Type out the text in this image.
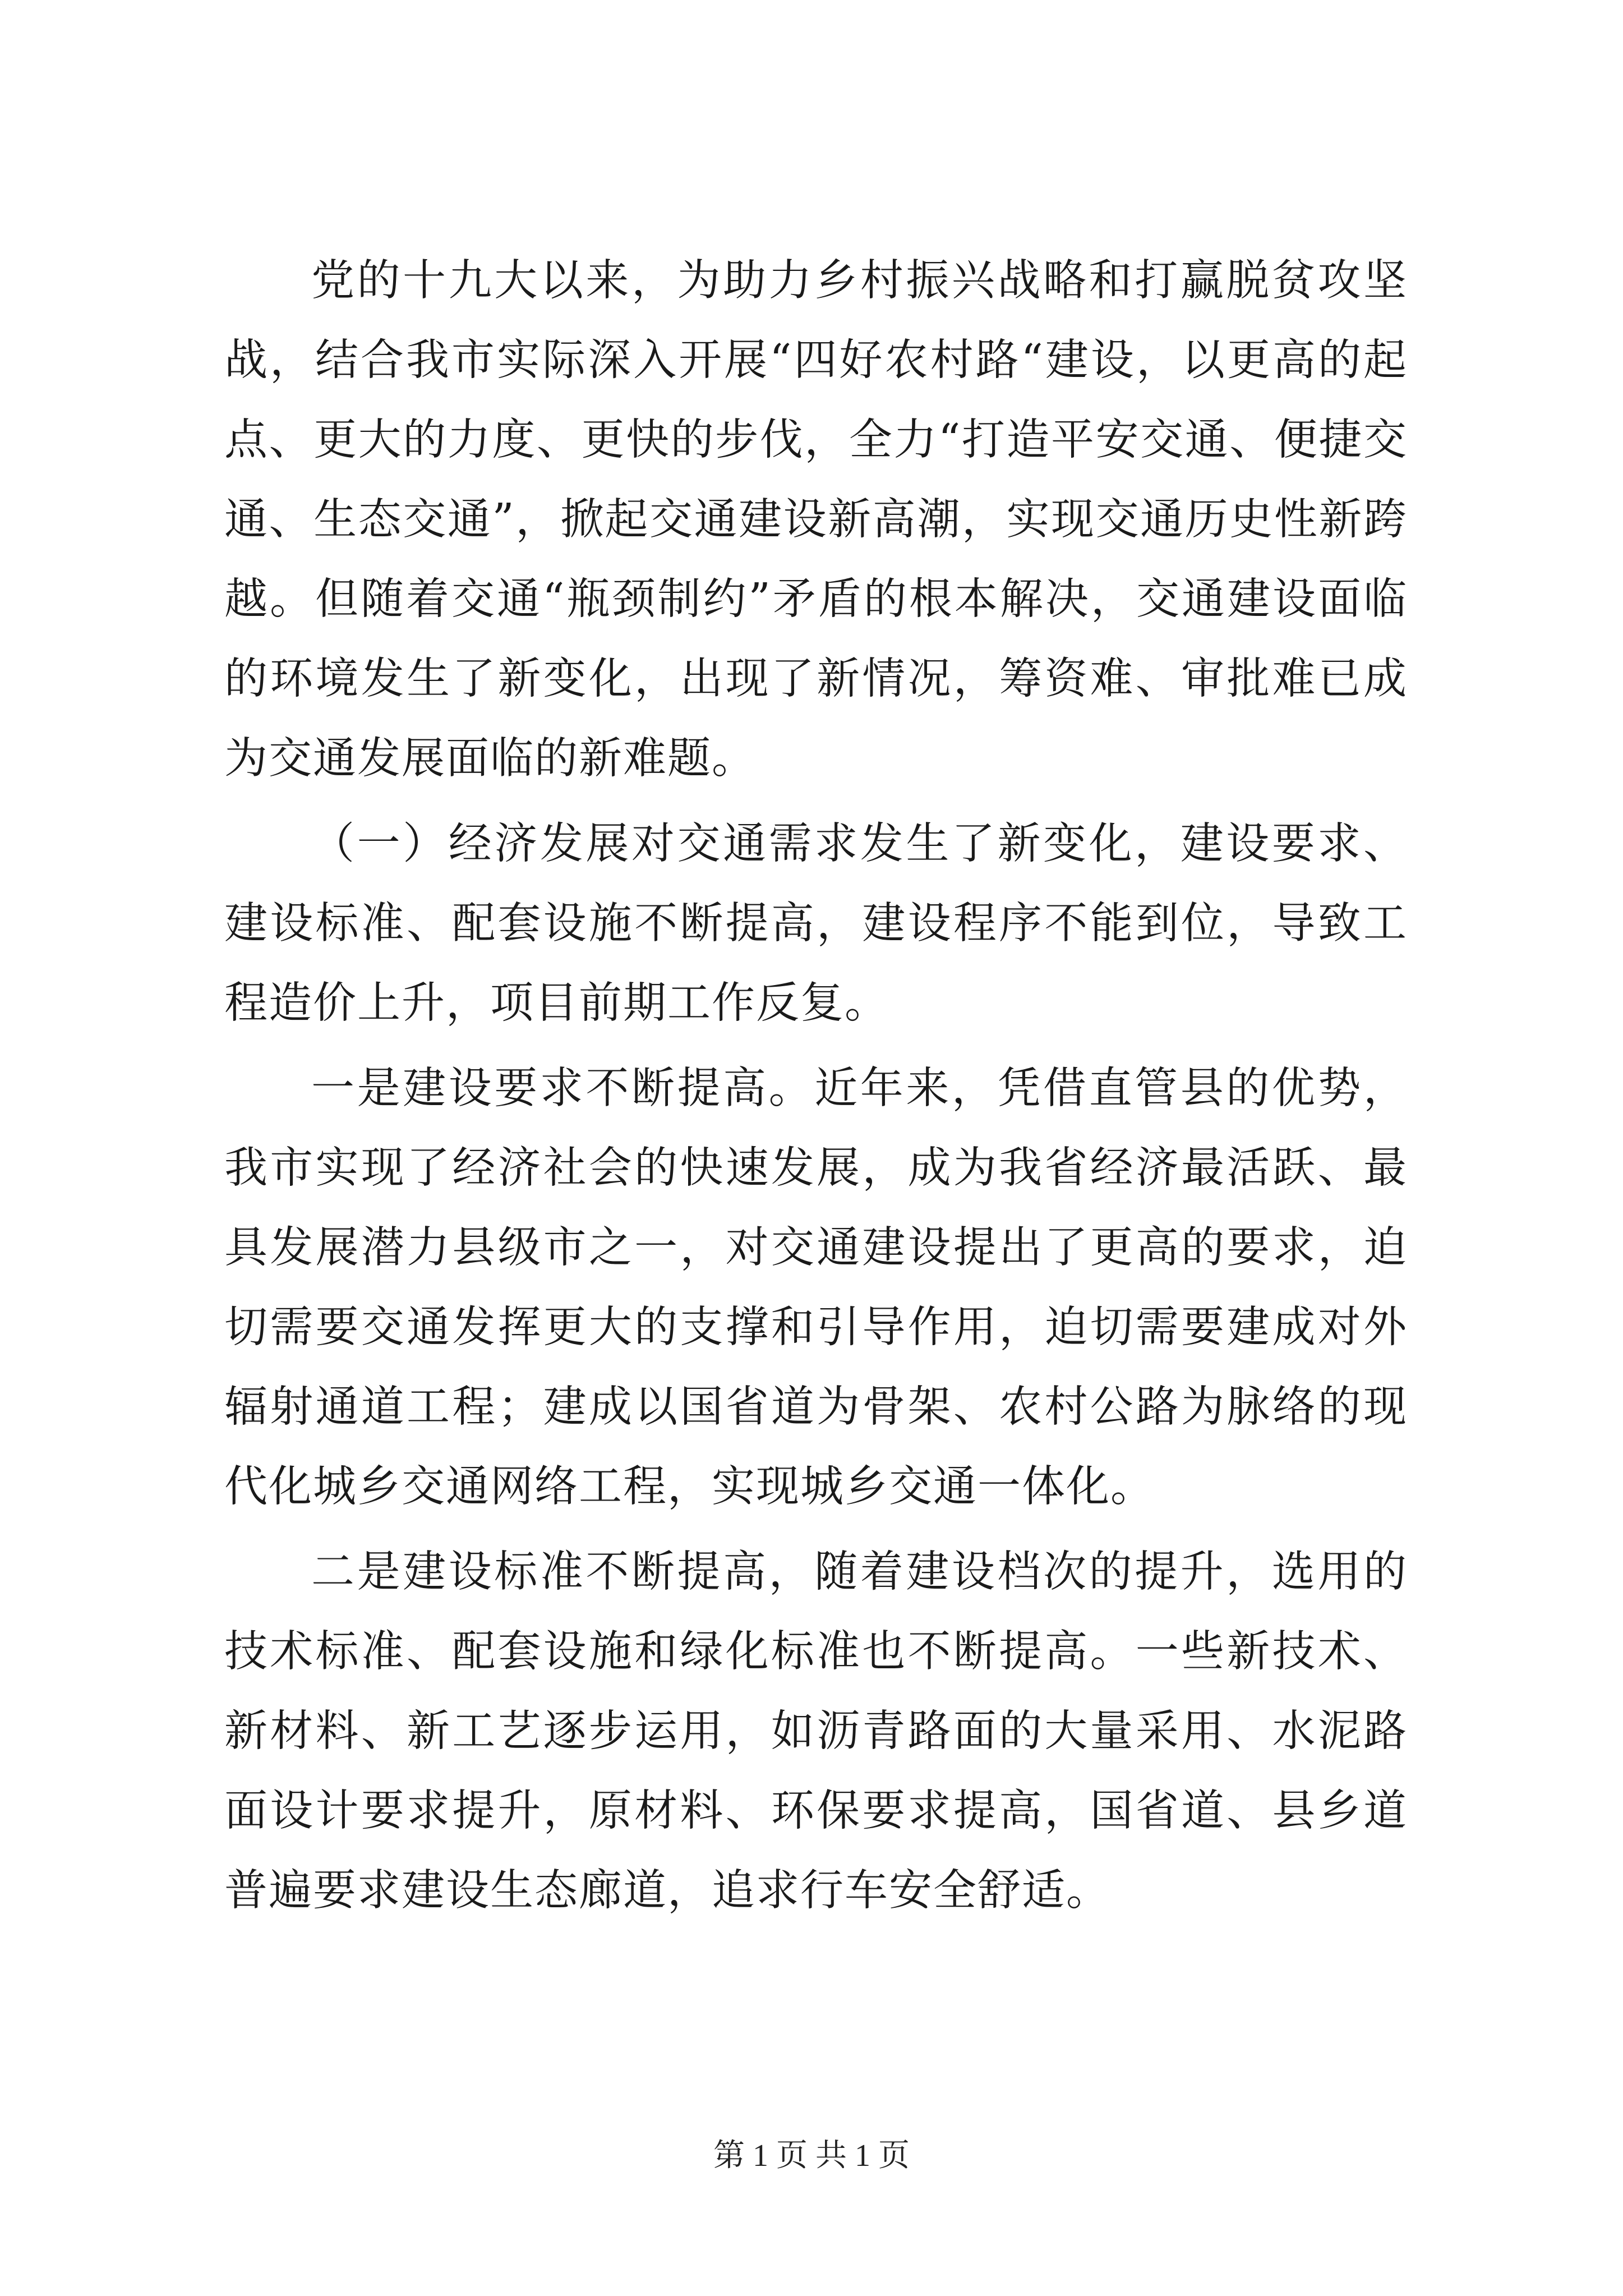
党的十九大以来，为助力乡村振兴战略和打赢脱贫攻坚战，结合我市实际深入开展“四好农村路“建设，以更高的起点、更大的力度、更快的步伐，全力“打造平安交通、便捷交通、生态交通”，掀起交通建设新高潮，实现交通历史性新跨越。但随着交通“瓶颈制约”矛盾的根本解决，交通建设面临的环境发生了新变化，出现了新情况，筹资难、审批难已成为交通发展面临的新难题。

（一）经济发展对交通需求发生了新变化，建设要求、建设标准、配套设施不断提高，建设程序不能到位，导致工程造价上升，项目前期工作反复。

一是建设要求不断提高。近年来，凭借直管县的优势，我市实现了经济社会的快速发展，成为我省经济最活跃、最具发展潜力县级市之一，对交通建设提出了更高的要求，迫切需要交通发挥更大的支撑和引导作用，迫切需要建成对外辐射通道工程；建成以国省道为骨架、农村公路为脉络的现代化城乡交通网络工程，实现城乡交通一体化。

二是建设标准不断提高，随着建设档次的提升，选用的技术标准、配套设施和绿化标准也不断提高。一些新技术、新材料、新工艺逐步运用，如沥青路面的大量采用、水泥路面设计要求提升，原材料、环保要求提高，国省道、县乡道普遍要求建设生态廊道，追求行车安全舒适。

第 1 页 共 1 页
